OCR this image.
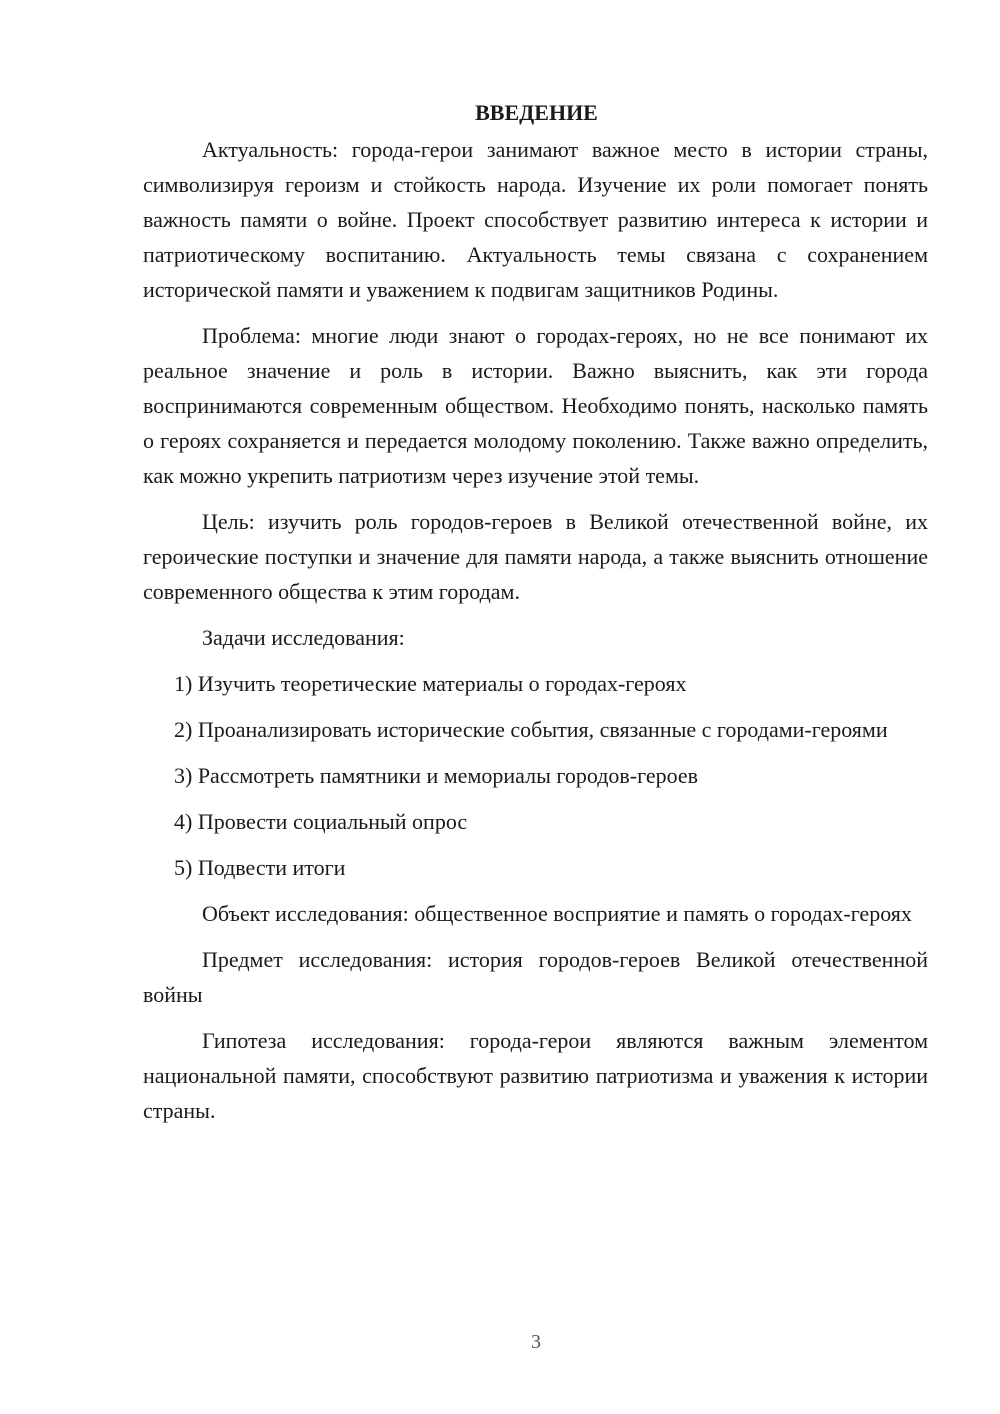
ВВЕДЕНИЕ

Актуальность: города-герои занимают важное место в истории страны, символизируя героизм и стойкость народа. Изучение их роли помогает понять важность памяти о войне. Проект способствует развитию интереса к истории и патриотическому воспитанию. Актуальность темы связана с сохранением исторической памяти и уважением к подвигам защитников Родины.

Проблема: многие люди знают о городах-героях, но не все понимают их реальное значение и роль в истории. Важно выяснить, как эти города воспринимаются современным обществом. Необходимо понять, насколько память о героях сохраняется и передается молодому поколению. Также важно определить, как можно укрепить патриотизм через изучение этой темы.

Цель: изучить роль городов-героев в Великой отечественной войне, их героические поступки и значение для памяти народа, а также выяснить отношение современного общества к этим городам.

Задачи исследования:

1) Изучить теоретические материалы о городах-героях

2) Проанализировать исторические события, связанные с городами-героями

3) Рассмотреть памятники и мемориалы городов-героев

4) Провести социальный опрос

5) Подвести итоги

Объект исследования: общественное восприятие и память о городах-героях

Предмет исследования: история городов-героев Великой отечественной войны

Гипотеза исследования: города-герои являются важным элементом национальной памяти, способствуют развитию патриотизма и уважения к истории страны.

3
